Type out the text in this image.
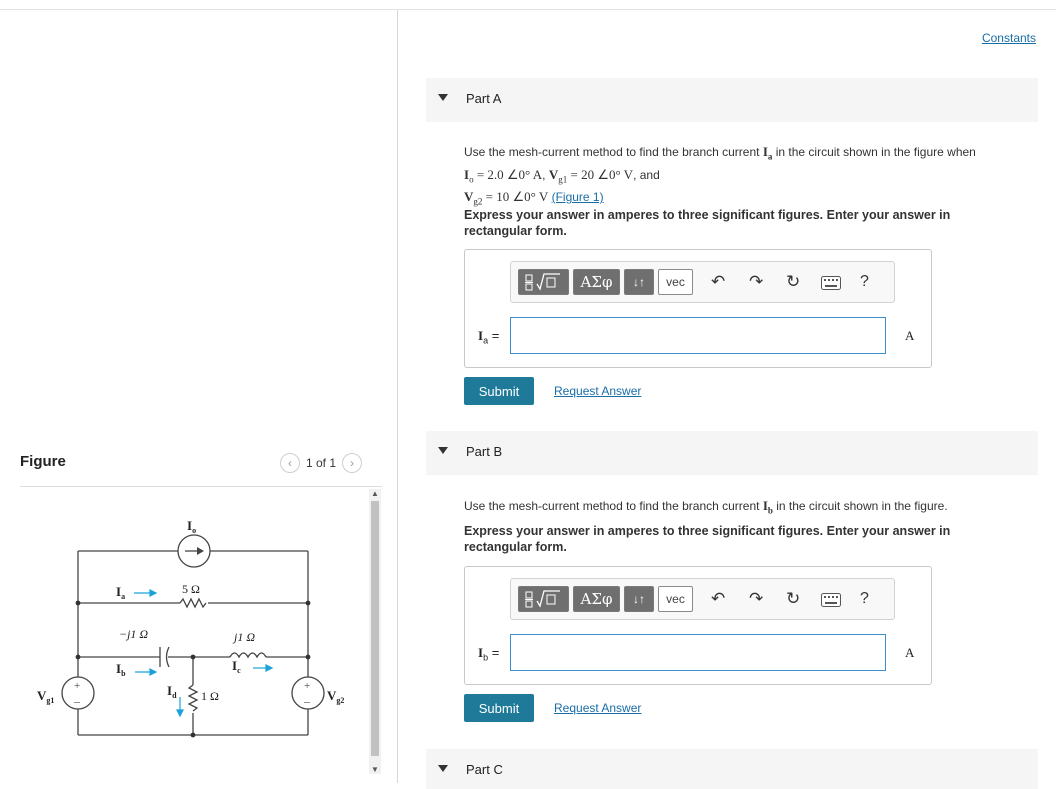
Figure	‹	1 of 1	›
+
–
+
–
$I_o$
$I_a$
5 Ω
−j1 Ω
$I_b$
j1 Ω
$I_c$
$I_d$ 1 Ω
$V_{g1}$	$V_{g2}$
▲
▼
Constants
Part A
Use the mesh-current method to find the branch current $I_a$ in the circuit shown in the figure when
$I_o = 2.0$ ∠0° A, $V_{g1} = 20$ ∠0° V, and
$V_{g2} = 10$ ∠0° V (Figure 1)
Express your answer in amperes to three significant figures. Enter your answer in rectangular form.
ΑΣφ	↓↑	vec	↶ ↷ ↻	?
$I_a$ =	A
Submit	Request Answer
Part B
Use the mesh-current method to find the branch current $I_b$ in the circuit shown in the figure.
Express your answer in amperes to three significant figures. Enter your answer in rectangular form.
ΑΣφ	↓↑	vec	↶ ↷ ↻	?
$I_b$ =	A
Submit	Request Answer
Part C
